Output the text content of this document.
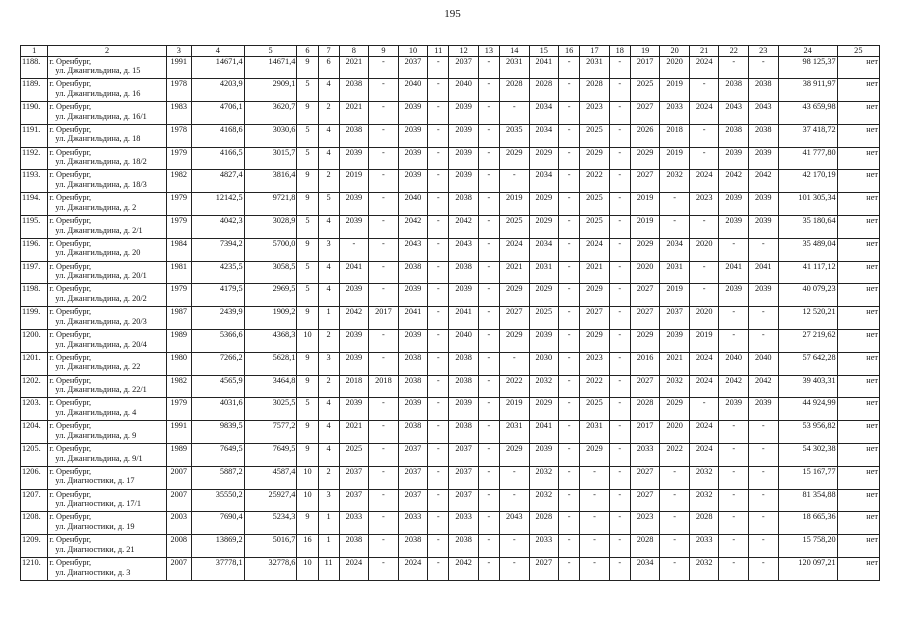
195
1	2	3	4	5	6	7	8	9	10	11	12	13	14	15	16	17	18	19	20	21	22	23	24	25
1188.	г. Оренбург,
ул. Джангильдина, д. 15	1991	14671,4	14671,4	9	6	2021	-	2037	-	2037	-	2031	2041	-	2031	-	2017	2020	2024	-	-	98 125,37	нет
1189.	г. Оренбург,
ул. Джангильдина, д. 16	1978	4203,9	2909,1	5	4	2038	-	2040	-	2040	-	2028	2028	-	2028	-	2025	2019	-	2038	2038	38 911,97	нет
1190.	г. Оренбург,
ул. Джангильдина, д. 16/1	1983	4706,1	3620,7	9	2	2021	-	2039	-	2039	-	-	2034	-	2023	-	2027	2033	2024	2043	2043	43 659,98	нет
1191.	г. Оренбург,
ул. Джангильдина, д. 18	1978	4168,6	3030,6	5	4	2038	-	2039	-	2039	-	2035	2034	-	2025	-	2026	2018	-	2038	2038	37 418,72	нет
1192.	г. Оренбург,
ул. Джангильдина, д. 18/2	1979	4166,5	3015,7	5	4	2039	-	2039	-	2039	-	2029	2029	-	2029	-	2029	2019	-	2039	2039	41 777,80	нет
1193.	г. Оренбург,
ул. Джангильдина, д. 18/3	1982	4827,4	3816,4	9	2	2019	-	2039	-	2039	-	-	2034	-	2022	-	2027	2032	2024	2042	2042	42 170,19	нет
1194.	г. Оренбург,
ул. Джангильдина, д. 2	1979	12142,5	9721,8	9	5	2039	-	2040	-	2038	-	2019	2029	-	2025	-	2019	-	2023	2039	2039	101 305,34	нет
1195.	г. Оренбург,
ул. Джангильдина, д. 2/1	1979	4042,3	3028,9	5	4	2039	-	2042	-	2042	-	2025	2029	-	2025	-	2019	-	-	2039	2039	35 180,64	нет
1196.	г. Оренбург,
ул. Джангильдина, д. 20	1984	7394,2	5700,0	9	3	-	-	2043	-	2043	-	2024	2034	-	2024	-	2029	2034	2020	-	-	35 489,04	нет
1197.	г. Оренбург,
ул. Джангильдина, д. 20/1	1981	4235,5	3058,5	5	4	2041	-	2038	-	2038	-	2021	2031	-	2021	-	2020	2031	-	2041	2041	41 117,12	нет
1198.	г. Оренбург,
ул. Джангильдина, д. 20/2	1979	4179,5	2969,5	5	4	2039	-	2039	-	2039	-	2029	2029	-	2029	-	2027	2019	-	2039	2039	40 079,23	нет
1199.	г. Оренбург,
ул. Джангильдина, д. 20/3	1987	2439,9	1909,2	9	1	2042	2017	2041	-	2041	-	2027	2025	-	2027	-	2027	2037	2020	-	-	12 520,21	нет
1200.	г. Оренбург,
ул. Джангильдина, д. 20/4	1989	5366,6	4368,3	10	2	2039	-	2039	-	2040	-	2029	2039	-	2029	-	2029	2039	2019	-	-	27 219,62	нет
1201.	г. Оренбург,
ул. Джангильдина, д. 22	1980	7266,2	5628,1	9	3	2039	-	2038	-	2038	-	-	2030	-	2023	-	2016	2021	2024	2040	2040	57 642,28	нет
1202.	г. Оренбург,
ул. Джангильдина, д. 22/1	1982	4565,9	3464,8	9	2	2018	2018	2038	-	2038	-	2022	2032	-	2022	-	2027	2032	2024	2042	2042	39 403,31	нет
1203.	г. Оренбург,
ул. Джангильдина, д. 4	1979	4031,6	3025,5	5	4	2039	-	2039	-	2039	-	2019	2029	-	2025	-	2028	2029	-	2039	2039	44 924,99	нет
1204.	г. Оренбург,
ул. Джангильдина, д. 9	1991	9839,5	7577,2	9	4	2021	-	2038	-	2038	-	2031	2041	-	2031	-	2017	2020	2024	-	-	53 956,82	нет
1205.	г. Оренбург,
ул. Джангильдина, д. 9/1	1989	7649,5	7649,5	9	4	2025	-	2037	-	2037	-	2029	2039	-	2029	-	2033	2022	2024	-	-	54 302,38	нет
1206.	г. Оренбург,
ул. Диагностики, д. 17	2007	5887,2	4587,4	10	2	2037	-	2037	-	2037	-	-	2032	-	-	-	2027	-	2032	-	-	15 167,77	нет
1207.	г. Оренбург,
ул. Диагностики, д. 17/1	2007	35550,2	25927,4	10	3	2037	-	2037	-	2037	-	-	2032	-	-	-	2027	-	2032	-	-	81 354,88	нет
1208.	г. Оренбург,
ул. Диагностики, д. 19	2003	7690,4	5234,3	9	1	2033	-	2033	-	2033	-	2043	2028	-	-	-	2023	-	2028	-	-	18 665,36	нет
1209.	г. Оренбург,
ул. Диагностики, д. 21	2008	13869,2	5016,7	16	1	2038	-	2038	-	2038	-	-	2033	-	-	-	2028	-	2033	-	-	15 758,20	нет
1210.	г. Оренбург,
ул. Диагностики, д. 3	2007	37778,1	32778,6	10	11	2024	-	2024	-	2042	-	-	2027	-	-	-	2034	-	2032	-	-	120 097,21	нет
